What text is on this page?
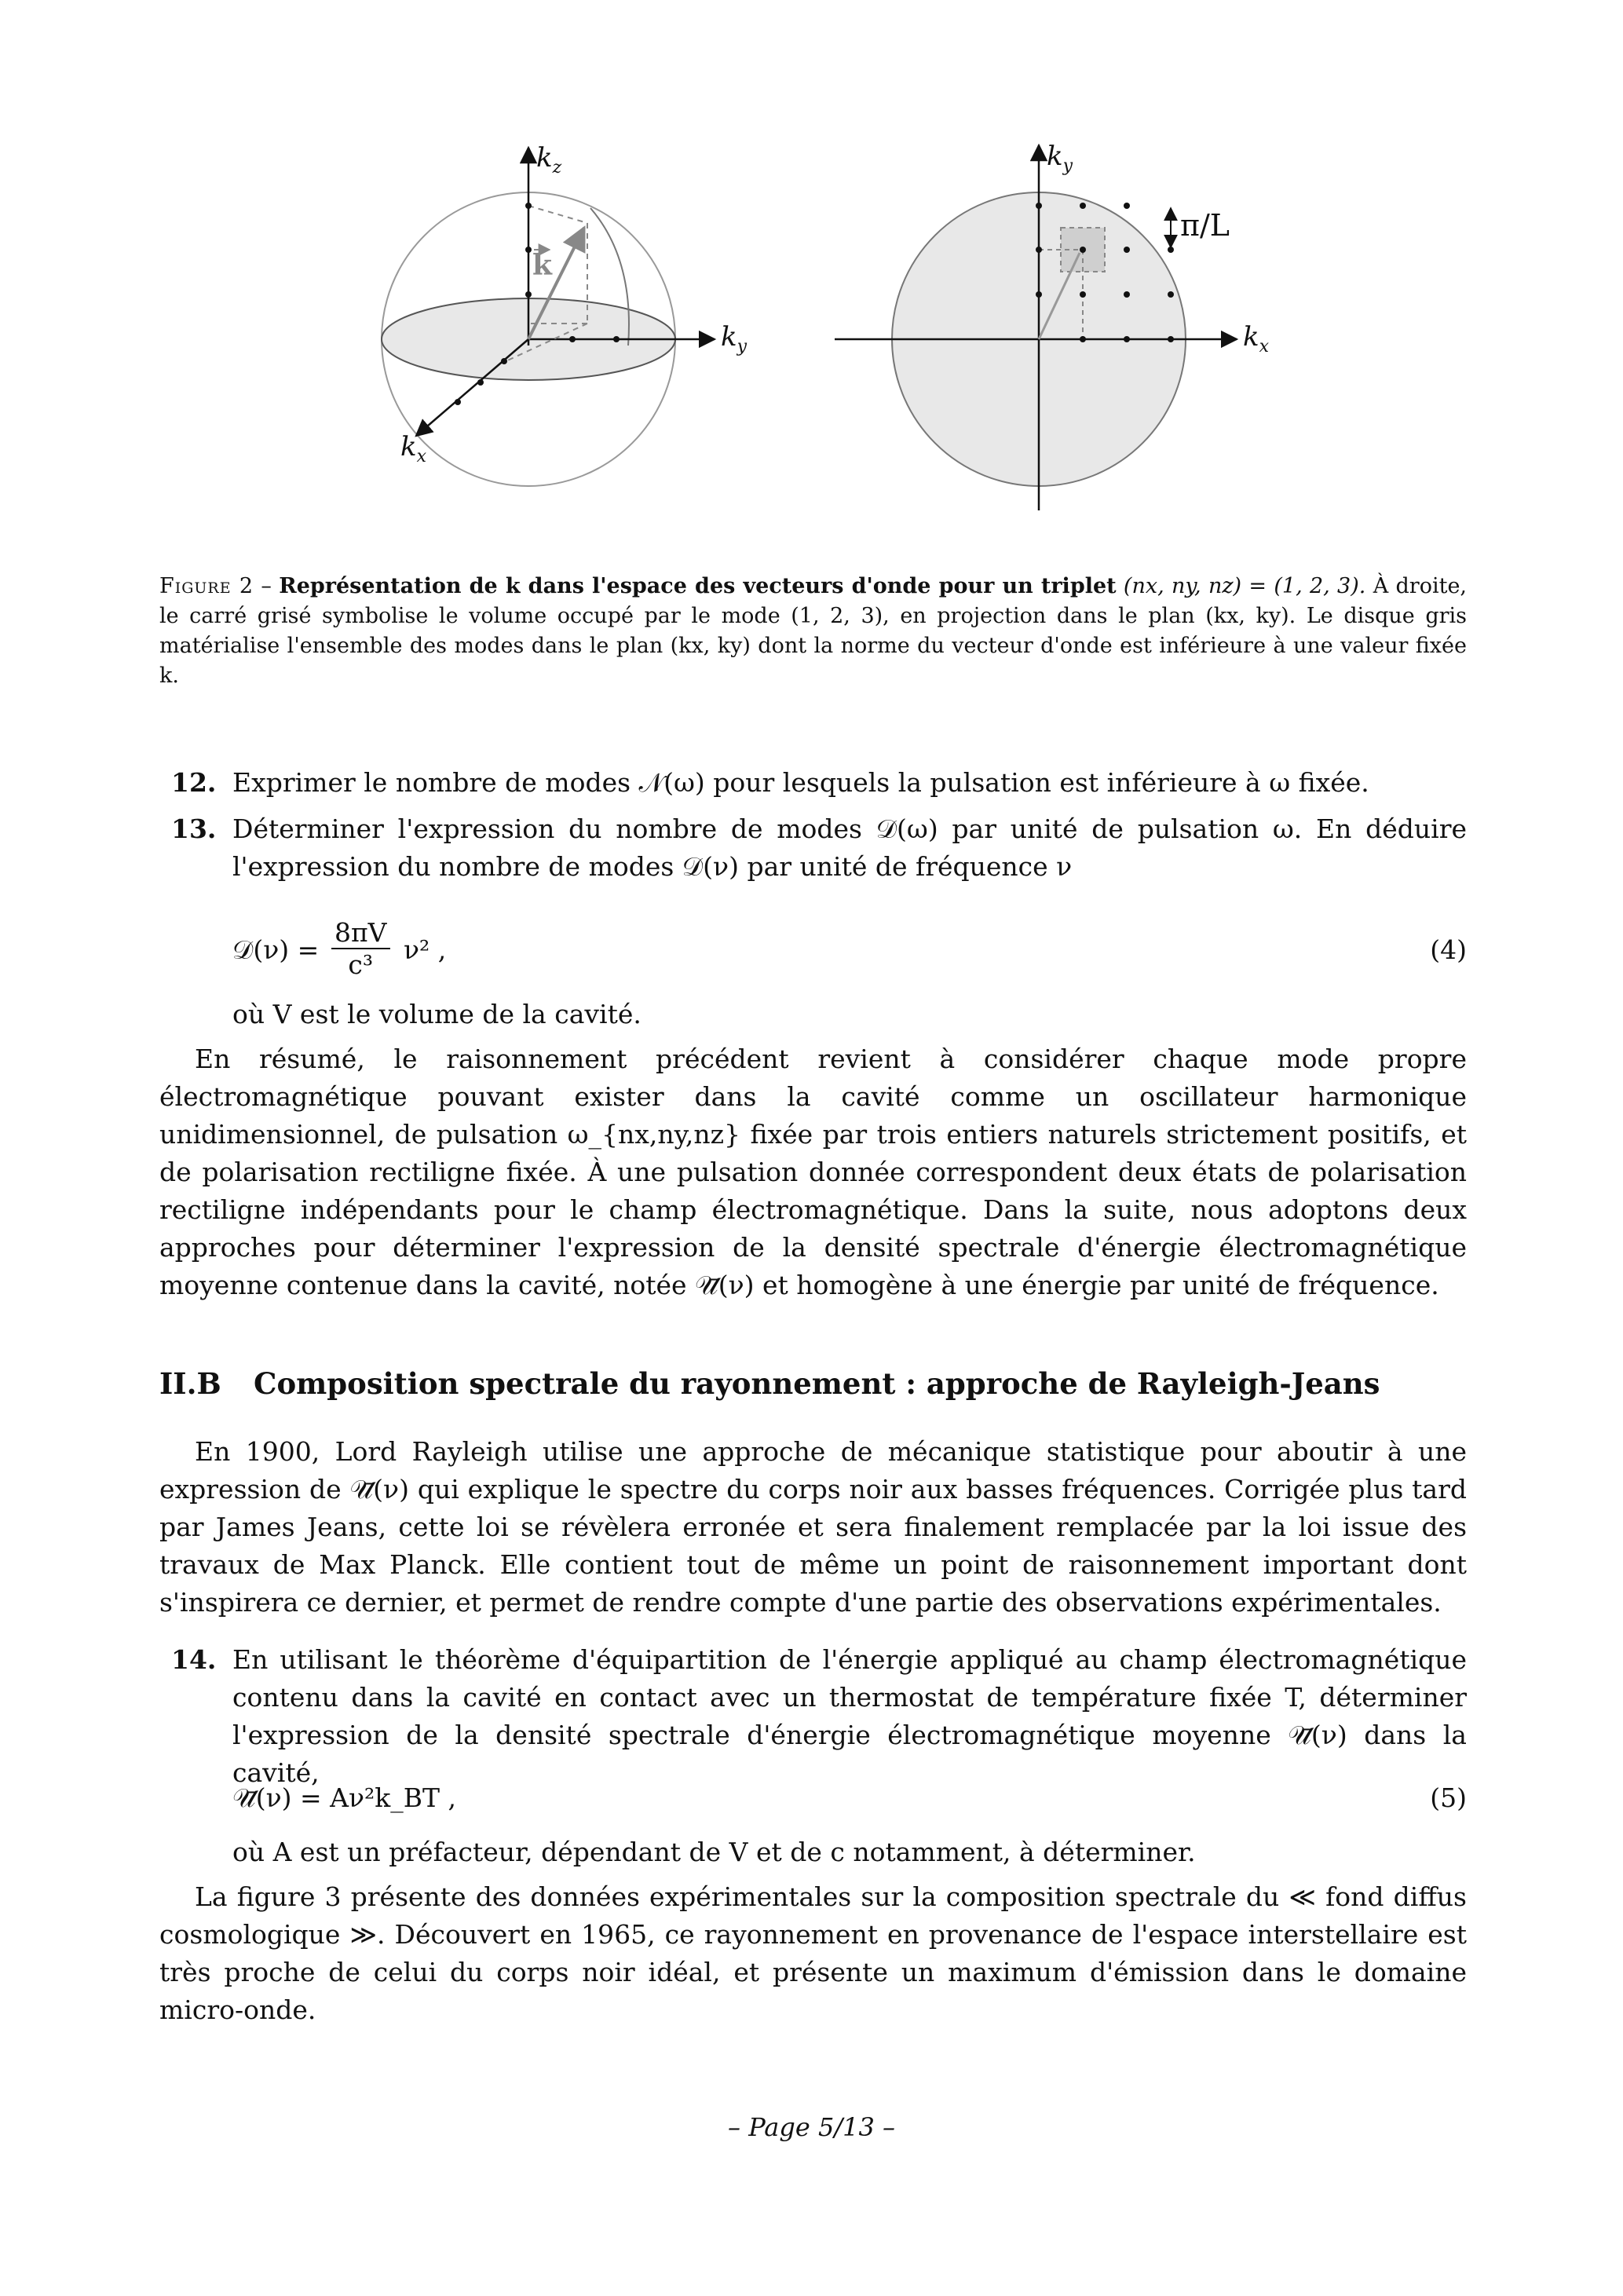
$k_z$
$k_y$
$k_x$
k
π/L
$k_y$
$k_x$
Figure 2 – Représentation de k dans l'espace des vecteurs d'onde pour un triplet (nx, ny, nz) = (1, 2, 3). À droite, le carré grisé symbolise le volume occupé par le mode (1, 2, 3), en projection dans le plan (kx, ky). Le disque gris matérialise l'ensemble des modes dans le plan (kx, ky) dont la norme du vecteur d'onde est inférieure à une valeur fixée k.
12. Exprimer le nombre de modes 𝒩(ω) pour lesquels la pulsation est inférieure à ω fixée.
13. Déterminer l'expression du nombre de modes 𝒟(ω) par unité de pulsation ω. En déduire l'expression du nombre de modes 𝒟(ν) par unité de fréquence ν
𝒟(ν) = $\frac{8\pi V}{\text{c³}} \nu^2$ ,	(4)
où V est le volume de la cavité.
En résumé, le raisonnement précédent revient à considérer chaque mode propre électromagnétique pouvant exister dans la cavité comme un oscillateur harmonique unidimensionnel, de pulsation ω_{nx,ny,nz} fixée par trois entiers naturels strictement positifs, et de polarisation rectiligne fixée. À une pulsation donnée correspondent deux états de polarisation rectiligne indépendants pour le champ électromagnétique. Dans la suite, nous adoptons deux approches pour déterminer l'expression de la densité spectrale d'énergie électromagnétique moyenne contenue dans la cavité, notée 𝒰̄(ν) et homogène à une énergie par unité de fréquence.
II.B Composition spectrale du rayonnement : approche de Rayleigh-Jeans
En 1900, Lord Rayleigh utilise une approche de mécanique statistique pour aboutir à une expression de 𝒰̄(ν) qui explique le spectre du corps noir aux basses fréquences. Corrigée plus tard par James Jeans, cette loi se révèlera erronée et sera finalement remplacée par la loi issue des travaux de Max Planck. Elle contient tout de même un point de raisonnement important dont s'inspirera ce dernier, et permet de rendre compte d'une partie des observations expérimentales.
14. En utilisant le théorème d'équipartition de l'énergie appliqué au champ électromagnétique contenu dans la cavité en contact avec un thermostat de température fixée T, déterminer l'expression de la densité spectrale d'énergie électromagnétique moyenne 𝒰̄(ν) dans la cavité,
𝒰̄(ν) = Aν²k_BT ,	(5)
où A est un préfacteur, dépendant de V et de c notamment, à déterminer.
La figure 3 présente des données expérimentales sur la composition spectrale du ≪ fond diffus cosmologique ≫. Découvert en 1965, ce rayonnement en provenance de l'espace interstellaire est très proche de celui du corps noir idéal, et présente un maximum d'émission dans le domaine micro-onde.
– Page 5/13 –
